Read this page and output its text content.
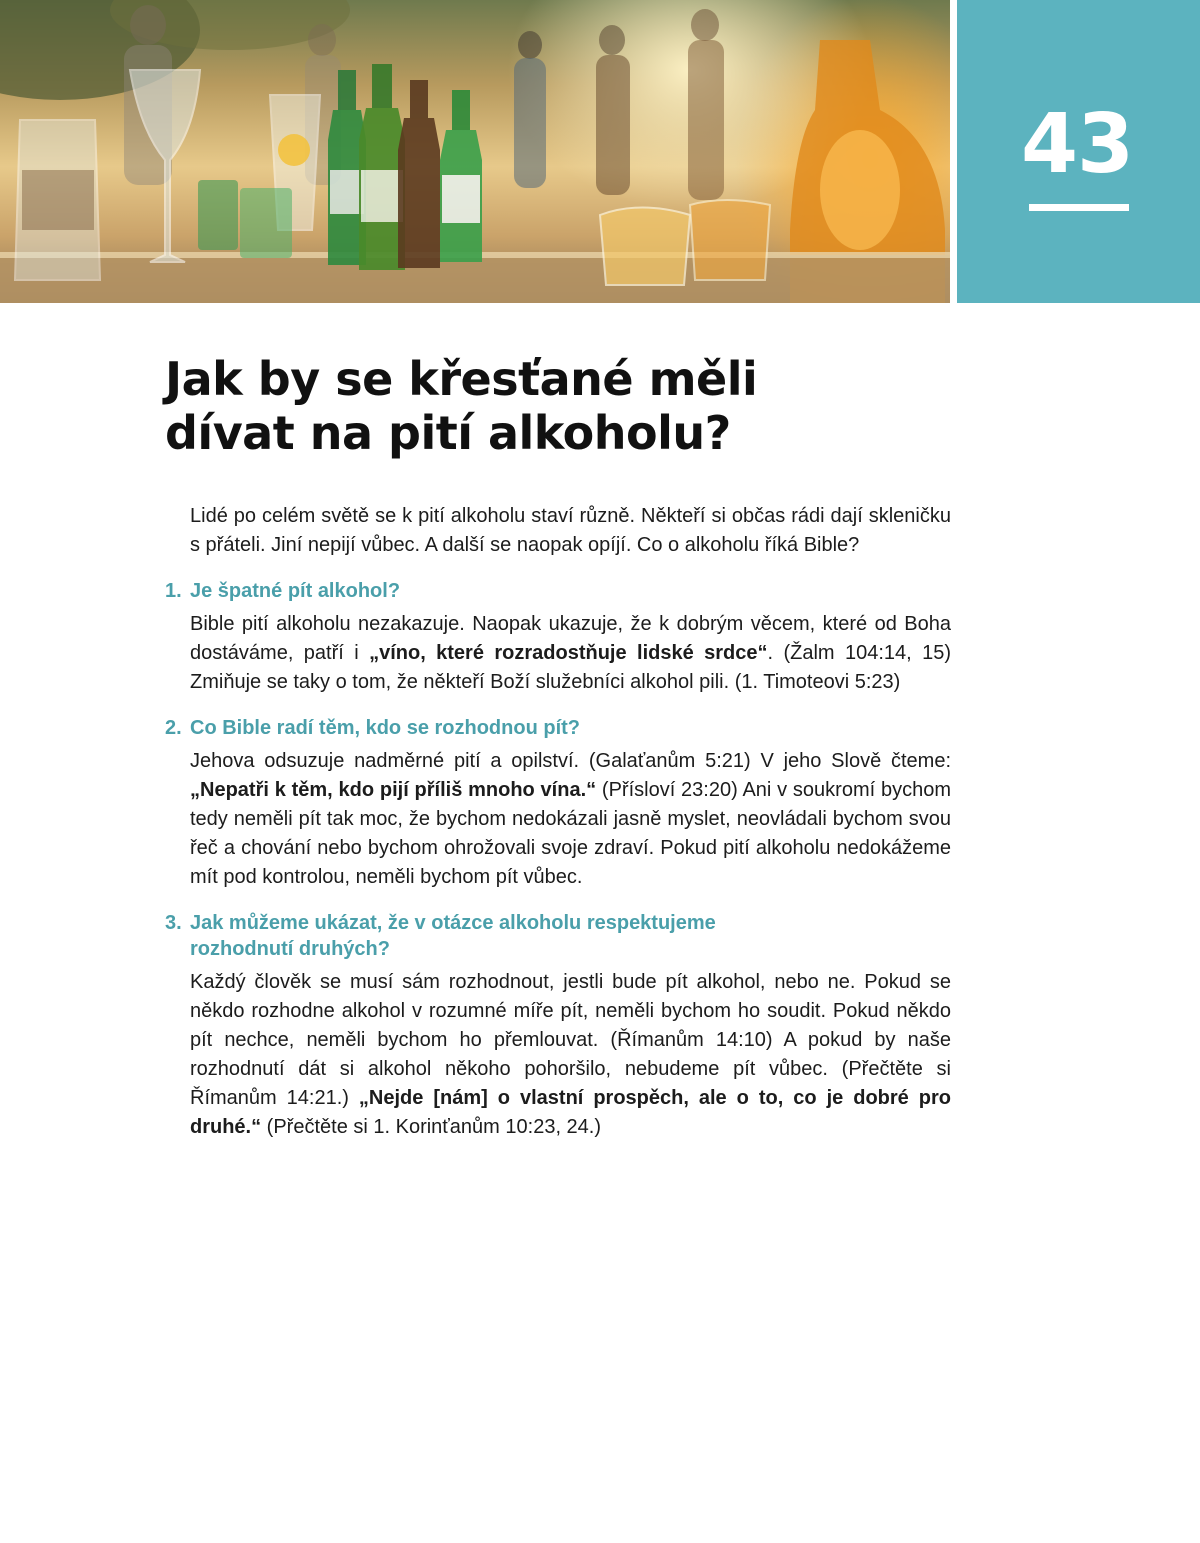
43
Jak by se křesťané měli
dívat na pití alkoholu?

Lidé po celém světě se k pití alkoholu staví různě. Někteří si občas rádi dají skleničku s přáteli. Jiní nepijí vůbec. A další se naopak opíjí. Co o alkoholu říká Bible?

1. Je špatné pít alkohol?

Bible pití alkoholu nezakazuje. Naopak ukazuje, že k dobrým věcem, které od Boha dostáváme, patří i „víno, které rozradostňuje lidské srdce“. (Žalm 104:14, 15) Zmiňuje se taky o tom, že někteří Boží služebníci alkohol pili. (1. Timoteovi 5:23)

2. Co Bible radí těm, kdo se rozhodnou pít?

Jehova odsuzuje nadměrné pití a opilství. (Galaťanům 5:21) V jeho Slově čteme: „Nepatři k těm, kdo pijí příliš mnoho vína.“ (Přísloví 23:20) Ani v soukromí bychom tedy neměli pít tak moc, že bychom nedokázali jasně myslet, neovládali bychom svou řeč a chování nebo bychom ohrožovali svoje zdraví. Pokud pití alkoholu nedokážeme mít pod kontrolou, neměli bychom pít vůbec.

3. Jak můžeme ukázat, že v otázce alkoholu respektujeme
rozhodnutí druhých?

Každý člověk se musí sám rozhodnout, jestli bude pít alkohol, nebo ne. Pokud se někdo rozhodne alkohol v rozumné míře pít, neměli bychom ho soudit. Pokud někdo pít nechce, neměli bychom ho přemlouvat. (Římanům 14:10) A pokud by naše rozhodnutí dát si alkohol někoho pohoršilo, nebudeme pít vůbec. (Přečtěte si Římanům 14:21.) „Nejde [nám] o vlastní prospěch, ale o to, co je dobré pro druhé.“ (Přečtěte si 1. Korinťanům 10:23, 24.)
